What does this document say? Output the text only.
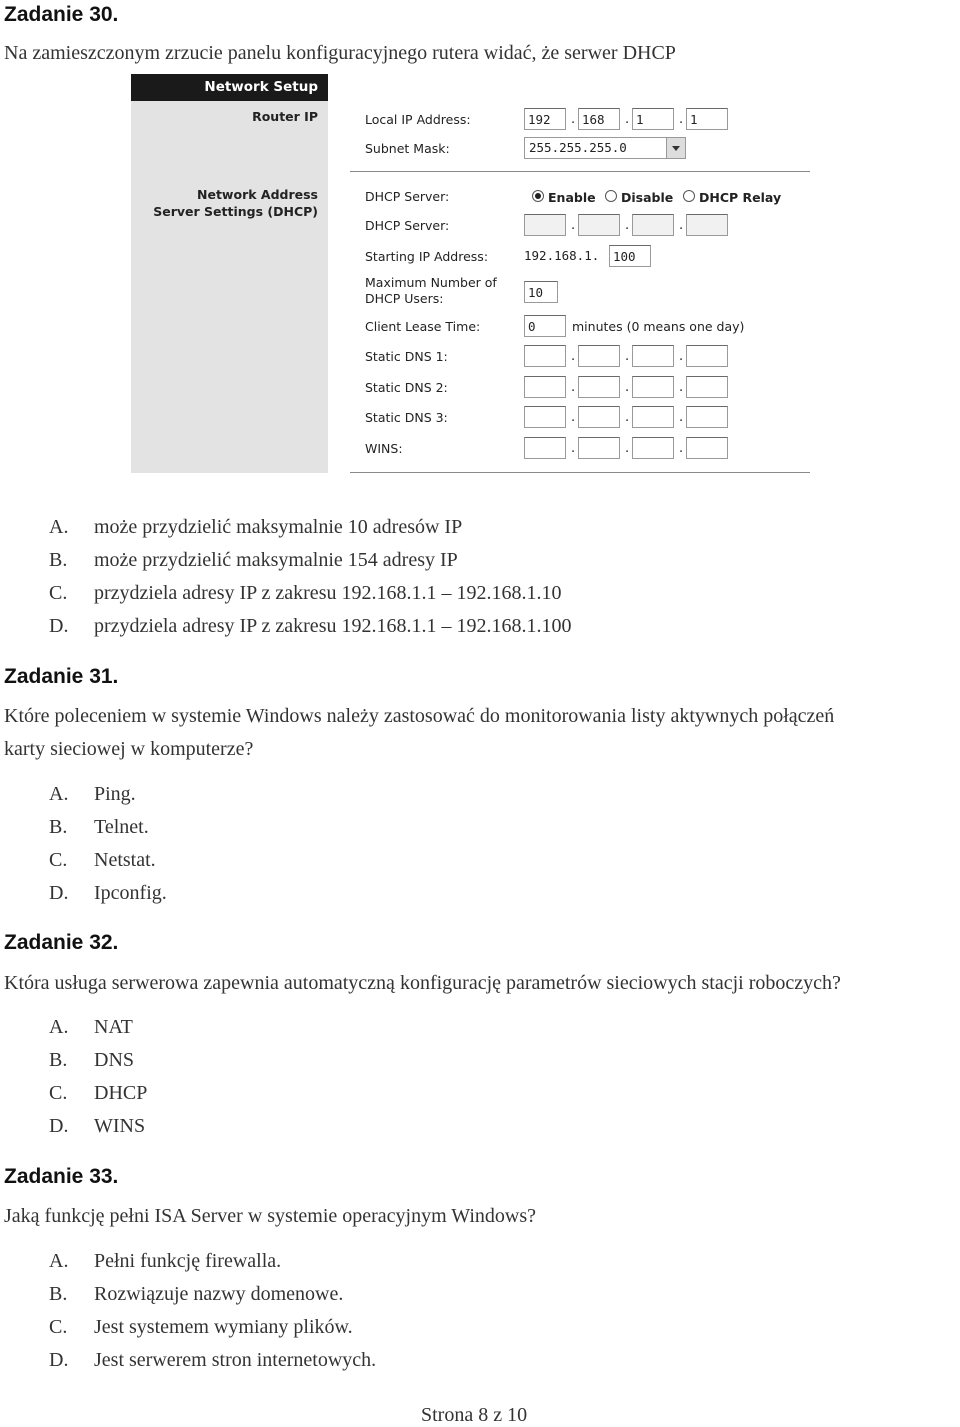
Zadanie 30.
Na zamieszczonym zrzucie panelu konfiguracyjnego rutera widać, że serwer DHCP
Network Setup
Router IP
Network Address
Server Settings (DHCP)
Local IP Address:	192	. 168	. 1	. 1
Subnet Mask:	255.255.255.0
DHCP Server:	Enable Disable DHCP Relay
DHCP Server:	.	.	.
Starting IP Address:	192.168.1.	100
Maximum Number of
DHCP Users:	10
Client Lease Time:	0	minutes (0 means one day)
Static DNS 1:	.	.	.
Static DNS 2:	.	.	.
Static DNS 3:	.	.	.
WINS:	.	.	.
A. może przydzielić maksymalnie 10 adresów IP
B. może przydzielić maksymalnie 154 adresy IP
C. przydziela adresy IP z zakresu 192.168.1.1 – 192.168.1.10
D. przydziela adresy IP z zakresu 192.168.1.1 – 192.168.1.100
Zadanie 31.
Które poleceniem w systemie Windows należy zastosować do monitorowania listy aktywnych połączeń
karty sieciowej w komputerze?
A. Ping.
B. Telnet.
C. Netstat.
D. Ipconfig.
Zadanie 32.
Która usługa serwerowa zapewnia automatyczną konfigurację parametrów sieciowych stacji roboczych?
A. NAT
B. DNS
C. DHCP
D. WINS
Zadanie 33.
Jaką funkcję pełni ISA Server w systemie operacyjnym Windows?
A. Pełni funkcję firewalla.
B. Rozwiązuje nazwy domenowe.
C. Jest systemem wymiany plików.
D. Jest serwerem stron internetowych.
Strona 8 z 10
